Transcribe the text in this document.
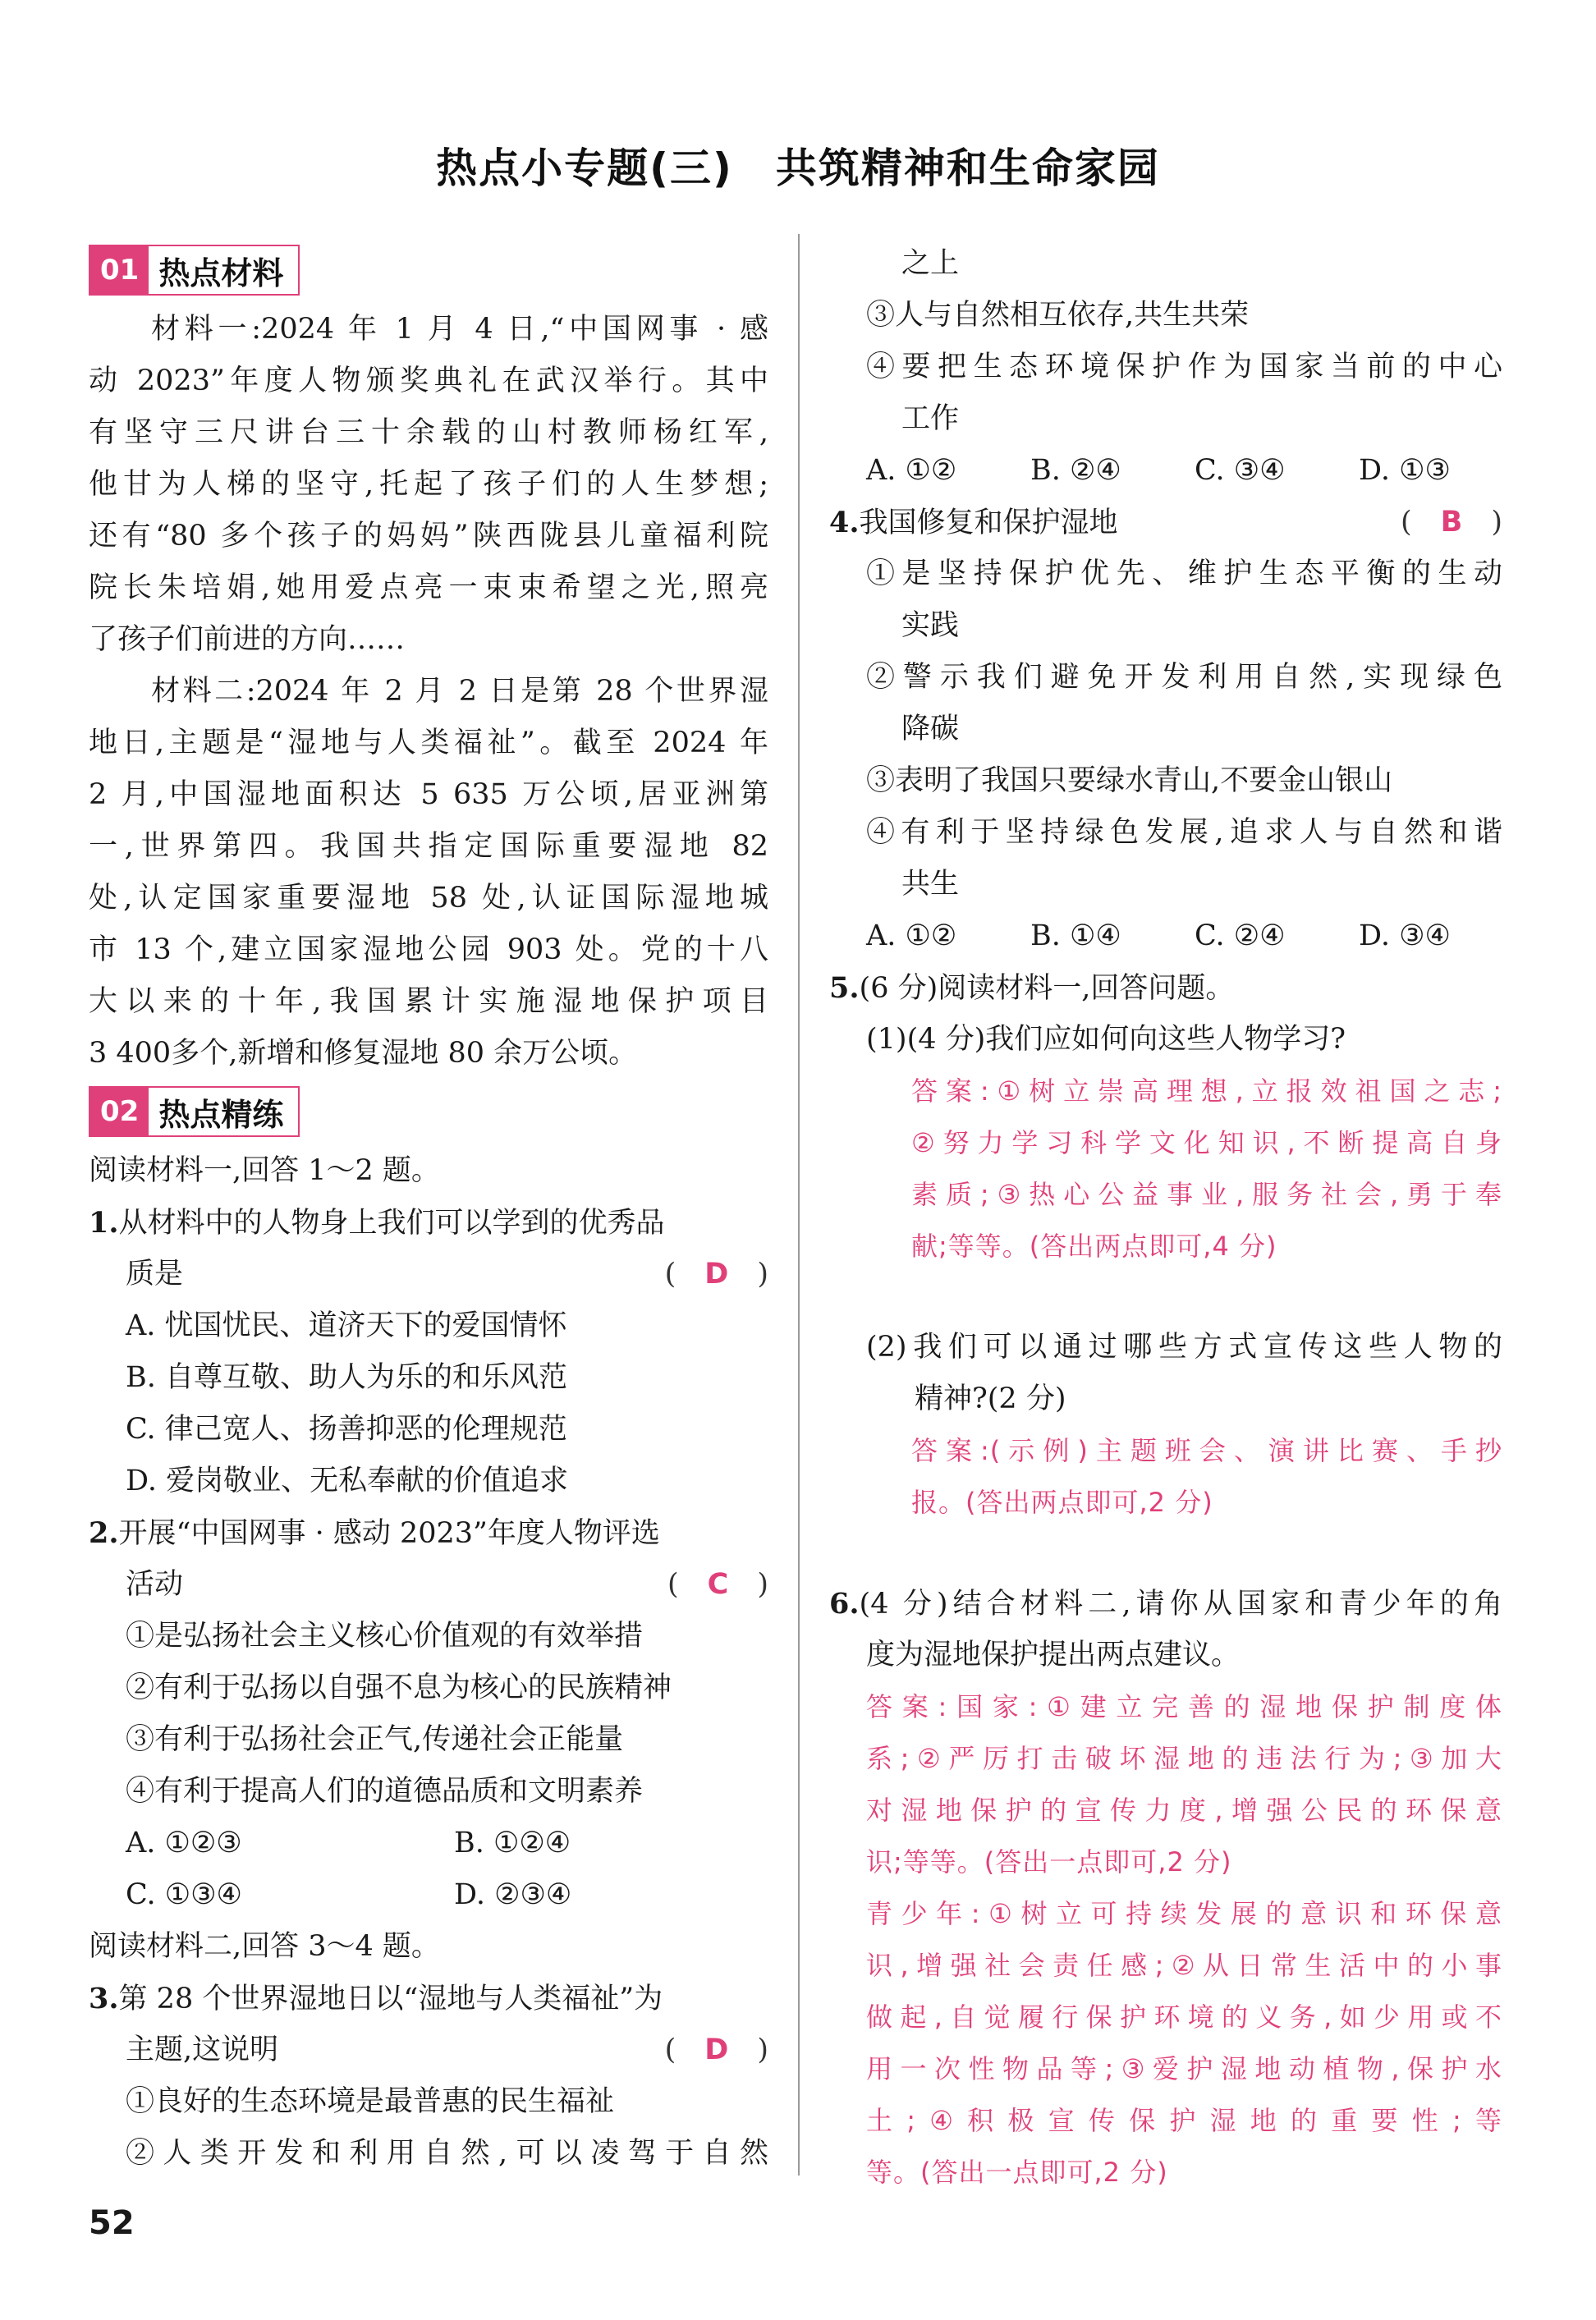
热点小专题(三)　共筑精神和生命家园
01 热点材料
材料一:2024 年 1 月 4 日,“中国网事 · 感
动 2023”年度人物颁奖典礼在武汉举行。其中
有坚守三尺讲台三十余载的山村教师杨红军,
他甘为人梯的坚守,托起了孩子们的人生梦想;
还有“80 多个孩子的妈妈”陕西陇县儿童福利院
院长朱培娟,她用爱点亮一束束希望之光,照亮
了孩子们前进的方向……
材料二:2024 年 2 月 2 日是第 28 个世界湿
地日,主题是“湿地与人类福祉”。截至 2024 年
2 月,中国湿地面积达 5 635 万公顷,居亚洲第
一,世界第四。我国共指定国际重要湿地 82
处,认定国家重要湿地 58 处,认证国际湿地城
市 13 个,建立国家湿地公园 903 处。党的十八
大以来的十年,我国累计实施湿地保护项目
3 400多个,新增和修复湿地 80 余万公顷。
02 热点精练
阅读材料一,回答 1～2 题。
1.从材料中的人物身上我们可以学到的优秀品
质是	(　D　)
A. 忧国忧民、道济天下的爱国情怀
B. 自尊互敬、助人为乐的和乐风范
C. 律己宽人、扬善抑恶的伦理规范
D. 爱岗敬业、无私奉献的价值追求
2.开展“中国网事 · 感动 2023”年度人物评选
活动	(　C　)
①是弘扬社会主义核心价值观的有效举措
②有利于弘扬以自强不息为核心的民族精神
③有利于弘扬社会正气,传递社会正能量
④有利于提高人们的道德品质和文明素养
A. ①②③	B. ①②④
C. ①③④	D. ②③④
阅读材料二,回答 3～4 题。
3.第 28 个世界湿地日以“湿地与人类福祉”为
主题,这说明	(　D　)
①良好的生态环境是最普惠的民生福祉
②人类开发和利用自然,可以凌驾于自然
之上
③人与自然相互依存,共生共荣
④要把生态环境保护作为国家当前的中心
工作
A. ①②	B. ②④	C. ③④	D. ①③
4.我国修复和保护湿地	(　B　)
①是坚持保护优先、维护生态平衡的生动
实践
②警示我们避免开发利用自然,实现绿色
降碳
③表明了我国只要绿水青山,不要金山银山
④有利于坚持绿色发展,追求人与自然和谐
共生
A. ①②	B. ①④	C. ②④	D. ③④
5.(6 分)阅读材料一,回答问题。
(1)(4 分)我们应如何向这些人物学习?
答案:①树立崇高理想,立报效祖国之志;
②努力学习科学文化知识,不断提高自身
素质;③热心公益事业,服务社会,勇于奉
献;等等。(答出两点即可,4 分)
(2)我们可以通过哪些方式宣传这些人物的
精神?(2 分)
答案:(示例)主题班会、演讲比赛、手抄
报。(答出两点即可,2 分)
6.(4 分)结合材料二,请你从国家和青少年的角
度为湿地保护提出两点建议。
答案:国家:①建立完善的湿地保护制度体
系;②严厉打击破坏湿地的违法行为;③加大
对湿地保护的宣传力度,增强公民的环保意
识;等等。(答出一点即可,2 分)
青少年:①树立可持续发展的意识和环保意
识,增强社会责任感;②从日常生活中的小事
做起,自觉履行保护环境的义务,如少用或不
用一次性物品等;③爱护湿地动植物,保护水
土;④积极宣传保护湿地的重要性;等
等。(答出一点即可,2 分)
52
